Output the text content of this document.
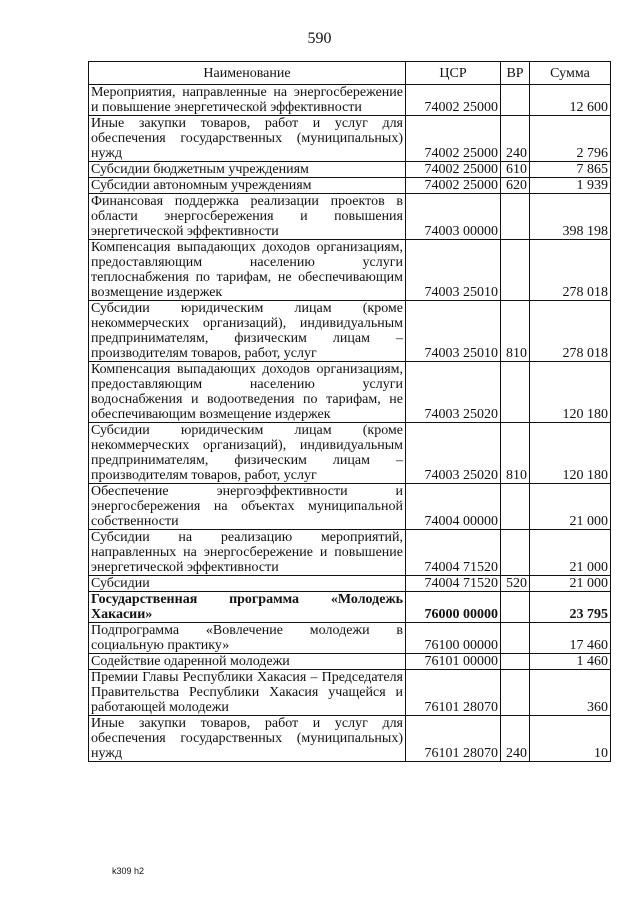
590
Наименование	ЦСР	ВР	Сумма
Мероприятия, направленные на энергосбережение и повышение энергетической эффективности	74002 25000		12 600
Иные закупки товаров, работ и услуг для обеспечения государственных (муниципальных) нужд	74002 25000	240	2 796
Субсидии бюджетным учреждениям	74002 25000	610	7 865
Субсидии автономным учреждениям	74002 25000	620	1 939
Финансовая поддержка реализации проектов в области энергосбережения и повышения энергетической эффективности	74003 00000		398 198
Компенсация выпадающих доходов организациям, предоставляющим населению услуги теплоснабжения по тарифам, не обеспечивающим возмещение издержек	74003 25010		278 018
Субсидии юридическим лицам (кроме некоммерческих организаций), индивидуальным предпринимателям, физическим лицам – производителям товаров, работ, услуг	74003 25010	810	278 018
Компенсация выпадающих доходов организациям, предоставляющим населению услуги водоснабжения и водоотведения по тарифам, не обеспечивающим возмещение издержек	74003 25020		120 180
Субсидии юридическим лицам (кроме некоммерческих организаций), индивидуальным предпринимателям, физическим лицам – производителям товаров, работ, услуг	74003 25020	810	120 180
Обеспечение энергоэффективности и энергосбережения на объектах муниципальной собственности	74004 00000		21 000
Субсидии на реализацию мероприятий, направленных на энергосбережение и повышение энергетической эффективности	74004 71520		21 000
Субсидии	74004 71520	520	21 000
Государственная программа «Молодежь Хакасии»	76000 00000		23 795
Подпрограмма «Вовлечение молодежи в социальную практику»	76100 00000		17 460
Содействие одаренной молодежи	76101 00000		1 460
Премии Главы Республики Хакасия – Председателя Правительства Республики Хакасия учащейся и работающей молодежи	76101 28070		360
Иные закупки товаров, работ и услуг для обеспечения государственных (муниципальных) нужд	76101 28070	240	10
k309 h2
